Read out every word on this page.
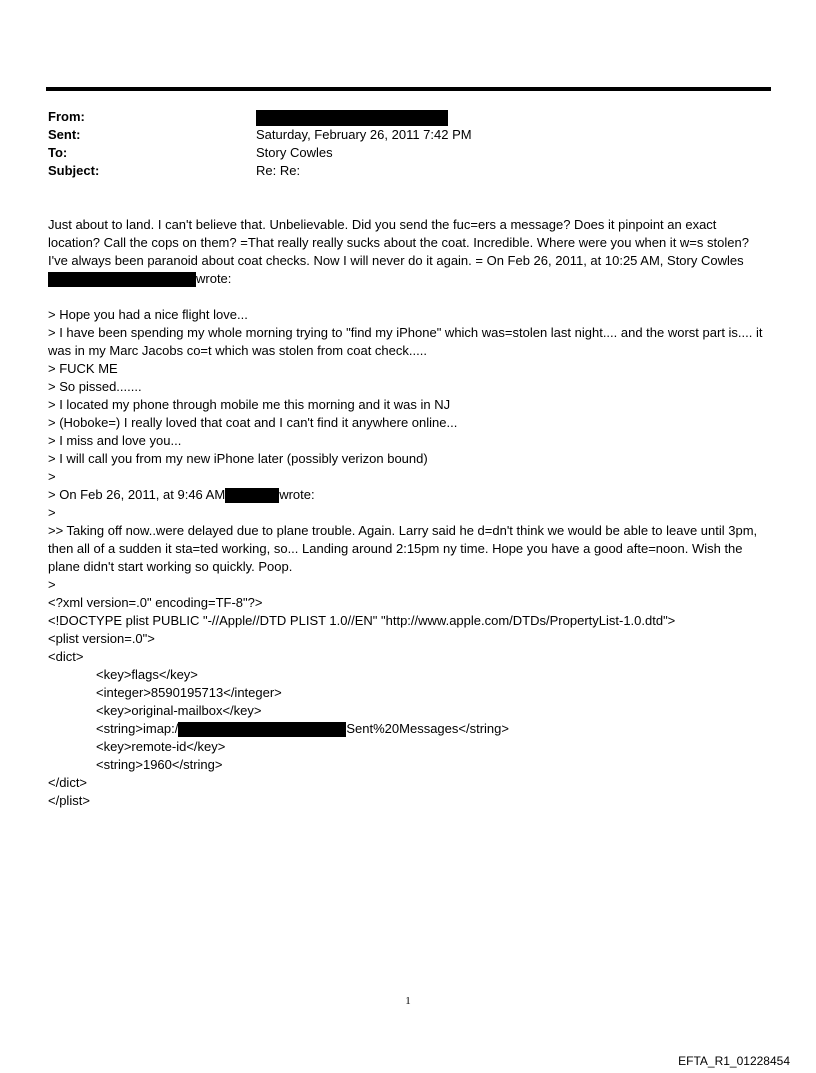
From:
Sent:	Saturday, February 26, 2011 7:42 PM
To:	Story Cowles
Subject:	Re: Re:

Just about to land. I can't believe that. Unbelievable. Did you send the fuc=ers a message? Does it pinpoint an exact location? Call the cops on them? =That really really sucks about the coat. Incredible. Where were you when it w=s stolen?

I've always been paranoid about coat checks. Now I will never do it again. = On Feb 26, 2011, at 10:25 AM, Story Cowles

wrote:

> Hope you had a nice flight love...

> I have been spending my whole morning trying to "find my iPhone" which was=stolen last night.... and the worst part is.... it was in my Marc Jacobs co=t which was stolen from coat check.....

> FUCK ME

> So pissed.......

> I located my phone through mobile me this morning and it was in NJ

> (Hoboke=) I really loved that coat and I can't find it anywhere online...

> I miss and love you...

> I will call you from my new iPhone later (possibly verizon bound)

>

> On Feb 26, 2011, at 9:46 AM	wrote:

>

>> Taking off now..were delayed due to plane trouble. Again. Larry said he d=dn't think we would be able to leave until 3pm, then all of a sudden it sta=ted working, so... Landing around 2:15pm ny time. Hope you have a good afte=noon. Wish the plane didn't start working so quickly. Poop.

>

<?xml version=.0" encoding=TF-8"?>

<!DOCTYPE plist PUBLIC "-//Apple//DTD PLIST 1.0//EN" "http://www.apple.com/DTDs/PropertyList-1.0.dtd">

<plist version=.0">

<dict>

<key>flags</key>

<integer>8590195713</integer>

<key>original-mailbox</key>

<string>imap:/	Sent%20Messages</string>

<key>remote-id</key>

<string>1960</string>

</dict>

</plist>

1
EFTA_R1_01228454
